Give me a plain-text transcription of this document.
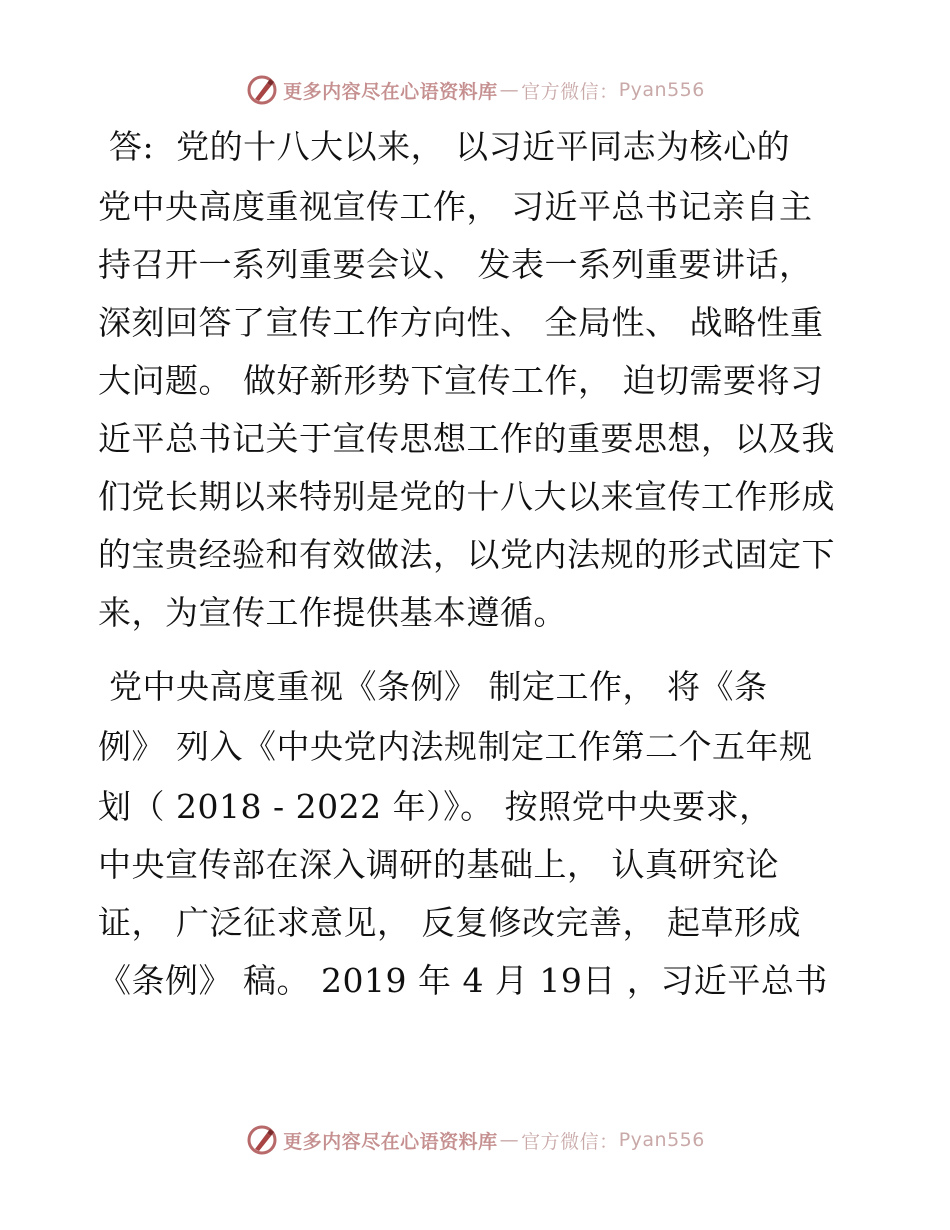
更多内容尽在心语资料库 — 官方微信： Pyan556
答:  党的十八大以来， 以习近平同志为核心的
党中央高度重视宣传工作， 习近平总书记亲自主
持召开一系列重要会议、 发表一系列重要讲话，
深刻回答了宣传工作方向性、 全局性、 战略性重
大问题。 做好新形势下宣传工作， 迫切需要将习
近平总书记关于宣传思想工作的重要思想，以及我
们党长期以来特别是党的十八大以来宣传工作形成
的宝贵经验和有效做法，以党内法规的形式固定下
来，为宣传工作提供基本遵循。
党中央高度重视《条例》 制定工作， 将《条
例》 列入《中央党内法规制定工作第二个五年规
划（ 2018 - 2022 年）》。 按照党中央要求，
中央宣传部在深入调研的基础上， 认真研究论
证， 广泛征求意见， 反复修改完善， 起草形成
《条例》 稿。 2019 年 4 月 19日 ，习近平总书
更多内容尽在心语资料库 — 官方微信： Pyan556
